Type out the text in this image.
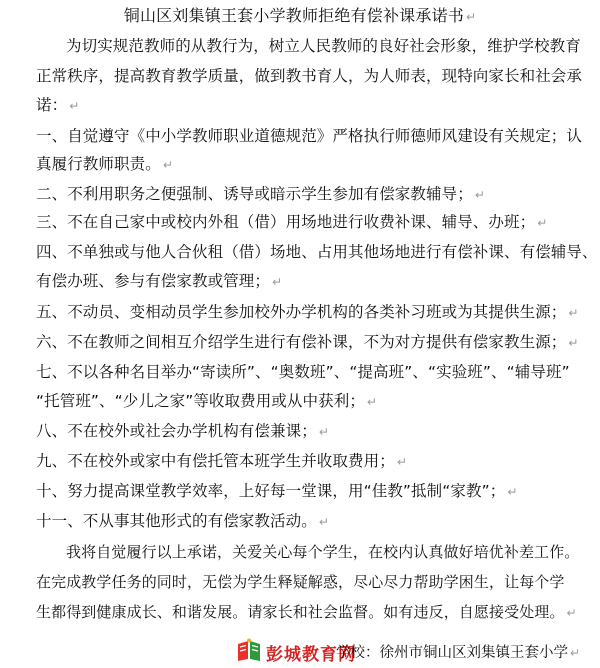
铜山区刘集镇王套小学教师拒绝有偿补课承诺书 ↵
为切实规范教师的从教行为，树立人民教师的良好社会形象，维护学校教育
正常秩序，提高教育教学质量，做到教书育人，为人师表，现特向家长和社会承
诺： ↵
一、自觉遵守《中小学教师职业道德规范》严格执行师德师风建设有关规定；认
真履行教师职责。 ↵
二、不利用职务之便强制、诱导或暗示学生参加有偿家教辅导； ↵
三、不在自己家中或校内外租（借）用场地进行收费补课、辅导、办班； ↵
四、不单独或与他人合伙租（借）场地、占用其他场地进行有偿补课、有偿辅导、
有偿办班、参与有偿家教或管理； ↵
五、不动员、变相动员学生参加校外办学机构的各类补习班或为其提供生源； ↵
六、不在教师之间相互介绍学生进行有偿补课，不为对方提供有偿家教生源； ↵
七、不以各种名目举办“寄读所”、“奥数班”、“提高班”、“实验班”、“辅导班”
“托管班”、“少儿之家”等收取费用或从中获利； ↵
八、不在校外或社会办学机构有偿兼课； ↵
九、不在校外或家中有偿托管本班学生并收取费用； ↵
十、努力提高课堂教学效率，上好每一堂课，用“佳教”抵制“家教”； ↵
十一、不从事其他形式的有偿家教活动。 ↵
我将自觉履行以上承诺，关爱关心每个学生，在校内认真做好培优补差工作。
在完成教学任务的同时，无偿为学生释疑解惑，尽心尽力帮助学困生，让每个学
生都得到健康成长、和谐发展。请家长和社会监督。如有违反，自愿接受处理。 ↵
彭城教育网
学校：徐州市铜山区刘集镇王套小学 ↵
